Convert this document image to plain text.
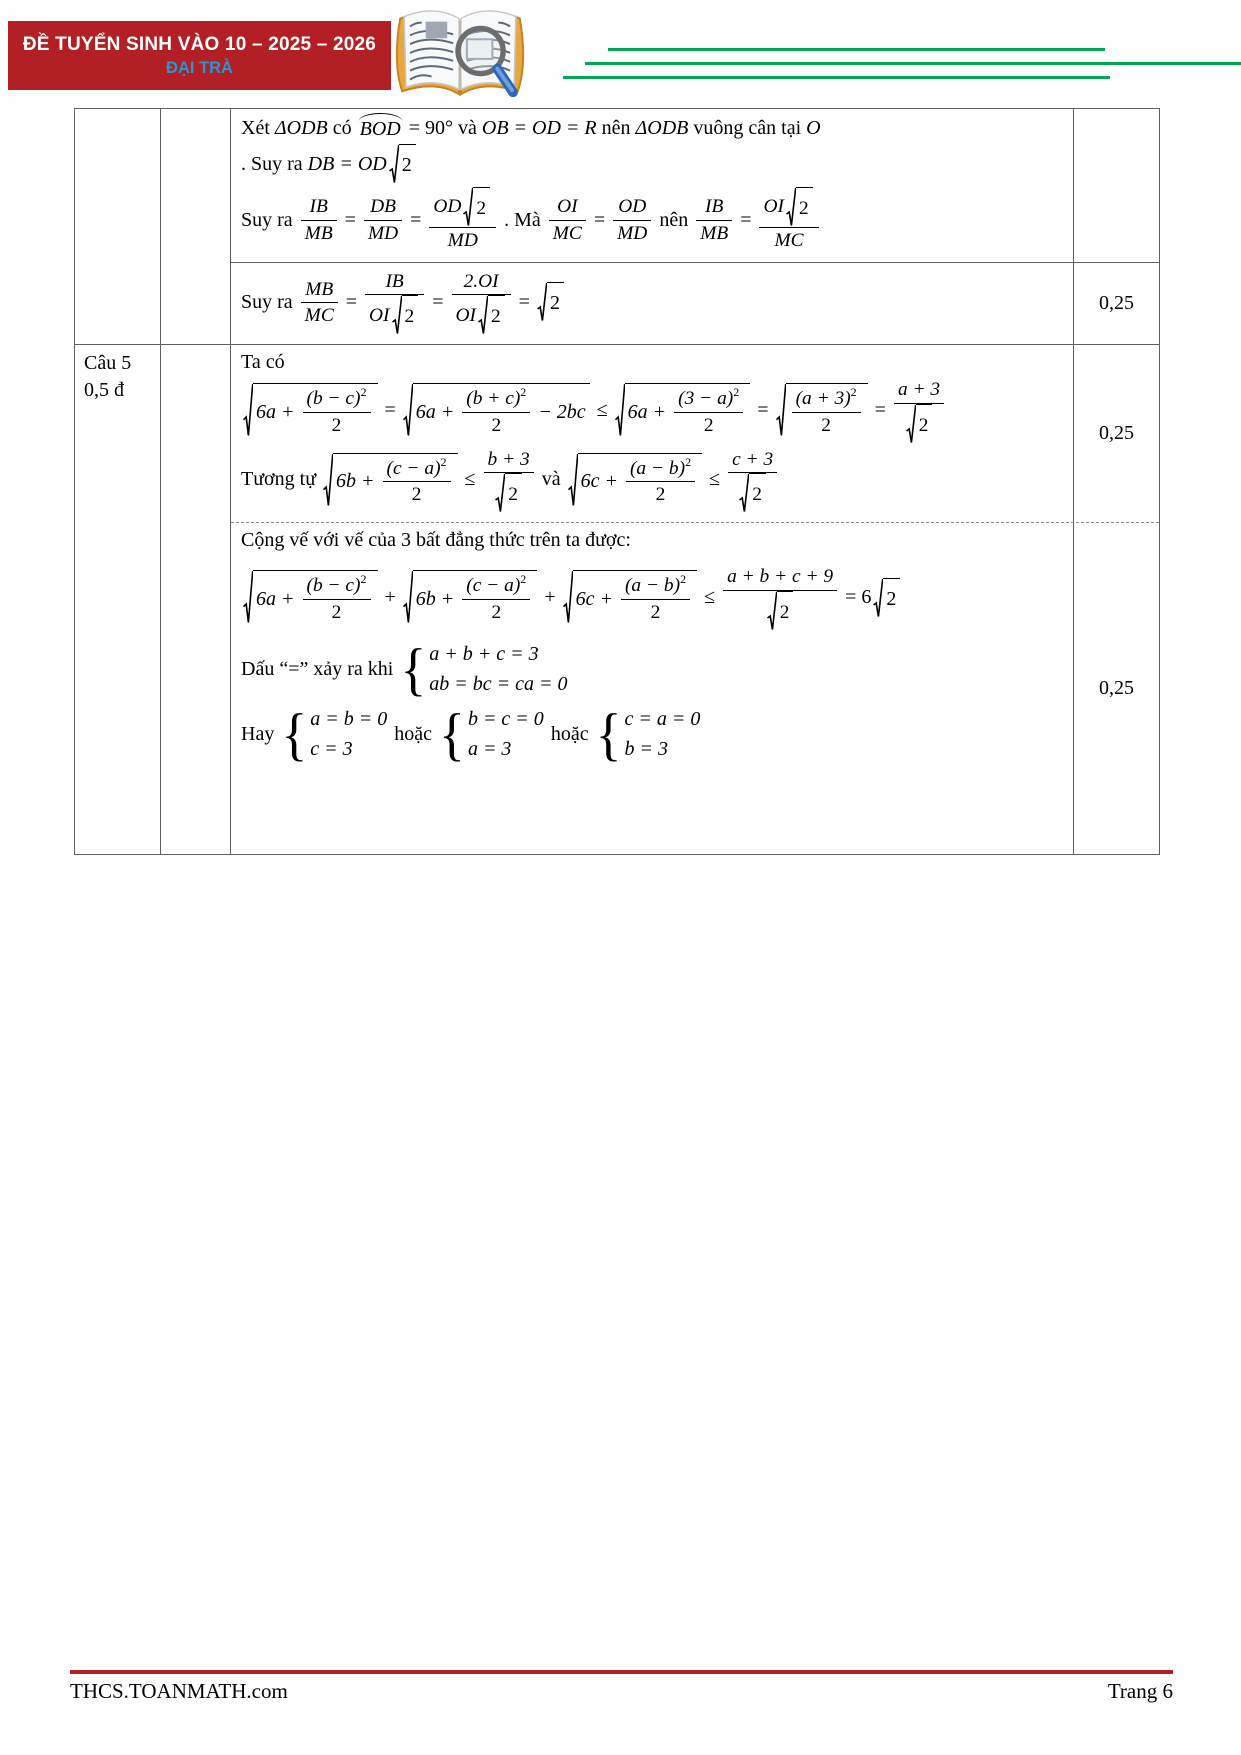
ĐỀ TUYỂN SINH VÀO 10 – 2025 – 2026
ĐẠI TRÀ
Xét ΔODB có BOD = 90° và OB = OD = R nên ΔODB vuông cân tại O
. Suy ra DB = OD 2
Suy ra $\frac{IB}{MB} = \frac{DB}{MD} = \frac{OD 2}{MD}$ . Mà $\frac{OI}{MC} = \frac{OD}{MD}$ nên $\frac{IB}{MB} = \frac{OI 2}{MC}$
Suy ra $\frac{MB}{MC} = \frac{IB}{OI 2} = \frac{2.OI}{OI 2} = 2$	0,25
Câu 5
0,5 đ
Ta có
$6a + \frac{(b - c) 2}{2} = 6a + \frac{(b + c) 2}{2} - 2bc \le 6a + \frac{(3 - a) 2}{2} = \frac{(a + 3) 2}{2} = \frac{a + 3}{2}$
Tương tự $6b + \frac{(c - a) 2}{2} \le \frac{b + 3}{2}$ và $6c + \frac{(a - b) 2}{2} \le \frac{c + 3}{2}$
0,25
Cộng vế với vế của 3 bất đẳng thức trên ta được:
$6a + \frac{(b - c) 2}{2} + 6b + \frac{(c - a) 2}{2} + 6c + \frac{(a - b) 2}{2} \le \frac{a + b + c + 9}{2} = 6$ 2
Dấu “=” xảy ra khi { a + b + c = 3
ab = bc = ca = 0
Hay { a = b = 0
c = 3
hoặc { b = c = 0
a = 3
hoặc { c = a = 0
b = 3
0,25
THCS.TOANMATH.com	Trang 6
